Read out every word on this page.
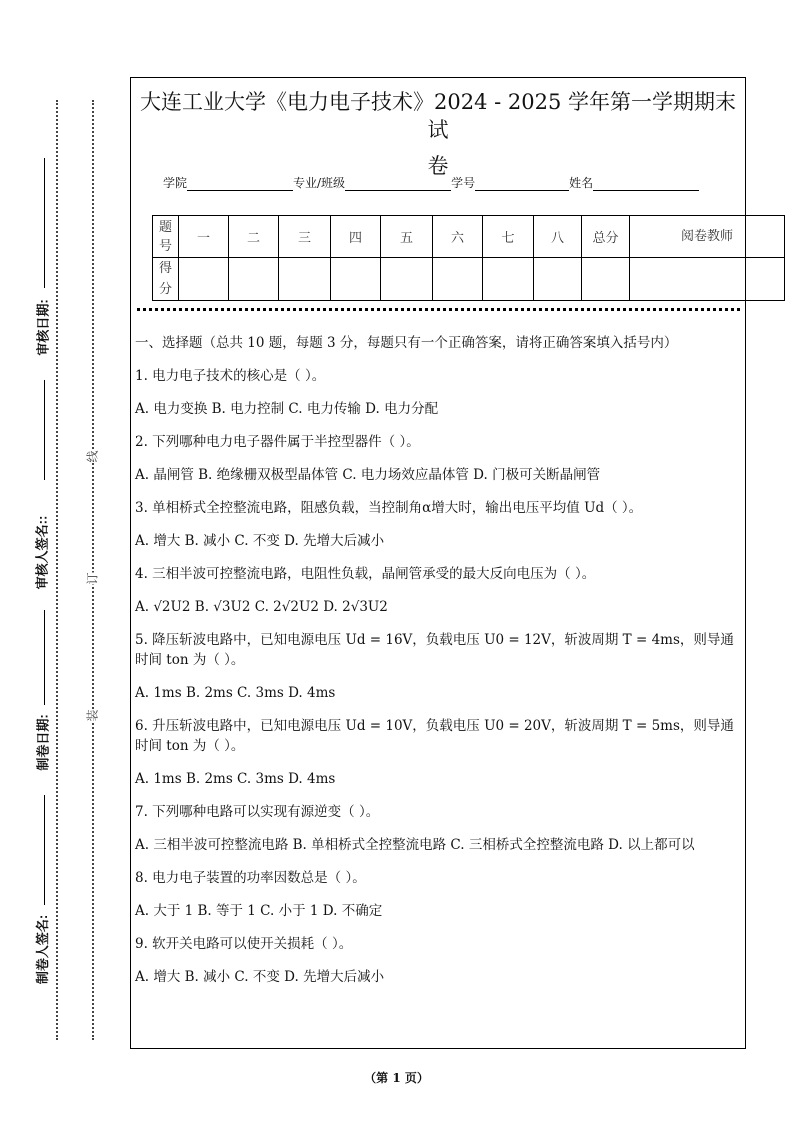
审核日期:
审核人签名::
制卷日期:
制卷人签名:
线
订
装
大连工业大学《电力电子技术》2024 - 2025 学年第一学期期末试
卷
学院	专业/班级	学号	姓名
题号	一	二	三	四	五	六	七	八	总分	阅卷教师
得分										
一、选择题（总共 10 题，每题 3 分，每题只有一个正确答案，请将正确答案填入括号内）
1. 电力电子技术的核心是（ ）。
A. 电力变换 B. 电力控制 C. 电力传输 D. 电力分配
2. 下列哪种电力电子器件属于半控型器件（ ）。
A. 晶闸管 B. 绝缘栅双极型晶体管 C. 电力场效应晶体管 D. 门极可关断晶闸管
3. 单相桥式全控整流电路，阻感负载，当控制角α增大时，输出电压平均值 Ud（ ）。
A. 增大 B. 减小 C. 不变 D. 先增大后减小
4. 三相半波可控整流电路，电阻性负载，晶闸管承受的最大反向电压为（ ）。
A. √2U2 B. √3U2 C. 2√2U2 D. 2√3U2
5. 降压斩波电路中，已知电源电压 Ud = 16V，负载电压 U0 = 12V，斩波周期 T = 4ms，则导通时间 ton 为（ ）。
A. 1ms B. 2ms C. 3ms D. 4ms
6. 升压斩波电路中，已知电源电压 Ud = 10V，负载电压 U0 = 20V，斩波周期 T = 5ms，则导通时间 ton 为（ ）。
A. 1ms B. 2ms C. 3ms D. 4ms
7. 下列哪种电路可以实现有源逆变（ ）。
A. 三相半波可控整流电路 B. 单相桥式全控整流电路 C. 三相桥式全控整流电路 D. 以上都可以
8. 电力电子装置的功率因数总是（ ）。
A. 大于 1 B. 等于 1 C. 小于 1 D. 不确定
9. 软开关电路可以使开关损耗（ ）。
A. 增大 B. 减小 C. 不变 D. 先增大后减小
（第 1 页）
